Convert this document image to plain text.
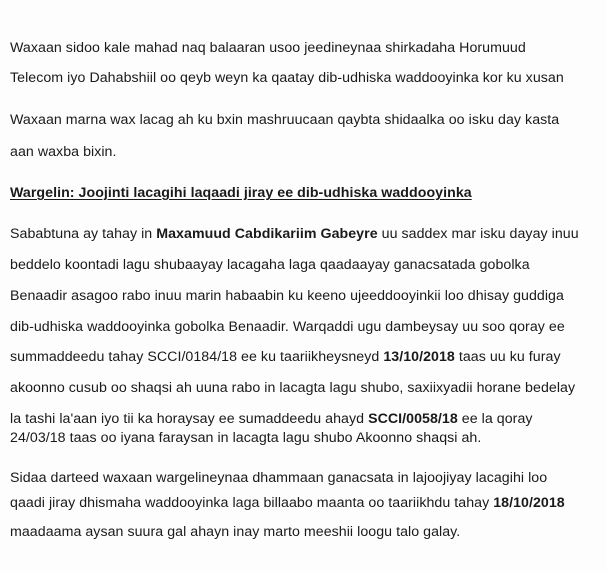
Waxaan sidoo kale mahad naq balaaran usoo jeedineynaa shirkadaha Horumuud
Telecom iyo Dahabshiil oo qeyb weyn ka qaatay dib-udhiska waddooyinka kor ku xusan
Waxaan marna wax lacag ah ku bxin mashruucaan qaybta shidaalka oo isku day kasta
aan waxba bixin.
Wargelin: Joojinti lacagihi laqaadi jiray ee dib-udhiska waddooyinka
Sababtuna ay tahay in Maxamuud Cabdikariim Gabeyre uu saddex mar isku dayay inuu
beddelo koontadi lagu shubaayay lacagaha laga qaadaayay ganacsatada gobolka
Benaadir asagoo rabo inuu marin habaabin ku keeno ujeeddooyinkii loo dhisay guddiga
dib-udhiska waddooyinka gobolka Benaadir. Warqaddi ugu dambeysay uu soo qoray ee
summaddeedu tahay SCCI/0184/18 ee ku taariikheysneyd 13/10/2018 taas uu ku furay
akoonno cusub oo shaqsi ah uuna rabo in lacagta lagu shubo, saxiixyadii horane bedelay
la tashi la'aan iyo tii ka horaysay ee sumaddeedu ahayd SCCI/0058/18 ee la qoray
24/03/18 taas oo iyana faraysan in lacagta lagu shubo Akoonno shaqsi ah.
Sidaa darteed waxaan wargelineynaa dhammaan ganacsata in lajoojiyay lacagihi loo
qaadi jiray dhismaha waddooyinka laga billaabo maanta oo taariikhdu tahay 18/10/2018
maadaama aysan suura gal ahayn inay marto meeshii loogu talo galay.
